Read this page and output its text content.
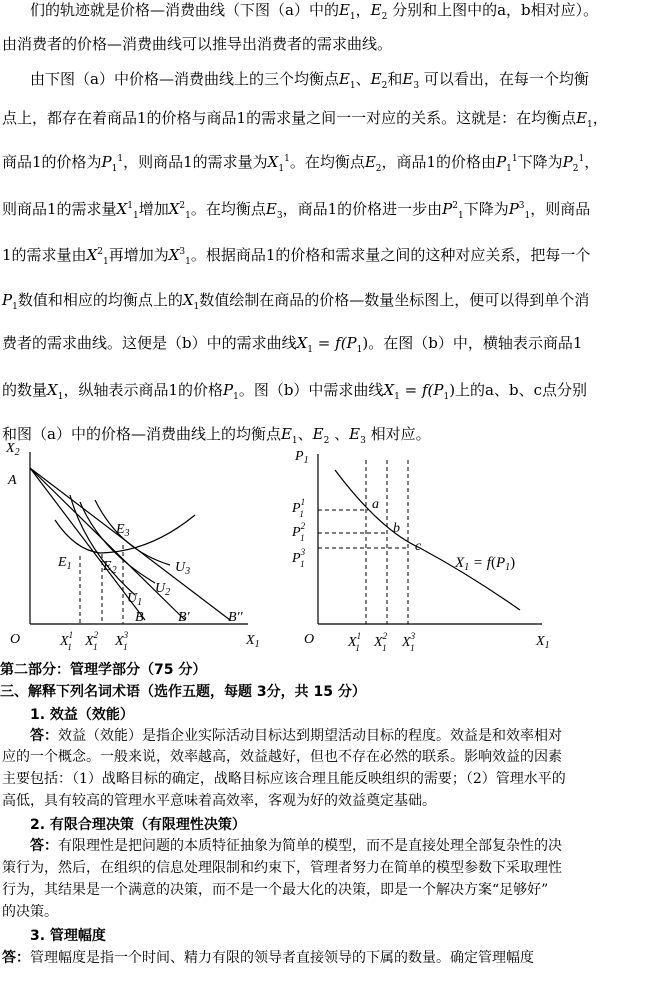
们的轨迹就是价格—消费曲线（下图（a）中的$E_1$，$E_2$ 分别和上图中的a，b相对应）。
由消费者的价格—消费曲线可以推导出消费者的需求曲线。
由下图（a）中价格—消费曲线上的三个均衡点$E_1$、$E_2$和$E_3$ 可以看出，在每一个均衡
点上，都存在着商品1的价格与商品1的需求量之间一一对应的关系。这就是：在均衡点$E_1$，
商品1的价格为$P_1^1$，则商品1的需求量为$X_1^1$。在均衡点$E_2$，商品1的价格由$P_1^1$下降为$P_2^1$，
则商品1的需求量$X^1_1$增加$X^2_1$。在均衡点$E_3$，商品1的价格进一步由$P^2_1$下降为$P^3_1$，则商品
1的需求量由$X^2_1$再增加为$X^3_1$。根据商品1的价格和需求量之间的这种对应关系，把每一个
$P_1$数值和相应的均衡点上的$X_1$数值绘制在商品的价格—数量坐标图上，便可以得到单个消
费者的需求曲线。这便是（b）中的需求曲线$X_1 = f(P_1)$。在图（b）中，横轴表示商品1
的数量$X_1$，纵轴表示商品1的价格$P_1$。图（b）中需求曲线$X_1 = f(P_1)$上的a、b、c点分别
和图（a）中的价格—消费曲线上的均衡点$E_1$、$E_2$ 、$E_3$ 相对应。
$X_2$
A
O	$X_1$
$E_1$ $E_2$
$E_3$
$U_1$
$U_2$
$U_3$
B B'	B''
$X^1$ 1 $X^2$ 1 $X^3$ 1
$P_1$
O	$X_1$
$P^1$ 1
$P^2$ 1
$P^3$ 1
a
b
c
$X_1 = f(P_1)$
$X^1$ 1 $X^2$ 1 $X^3$ 1
第二部分：管理学部分（75 分）
三、解释下列名词术语（选作五题，每题 3分，共 15 分）
1. 效益（效能）
答：效益（效能）是指企业实际活动目标达到期望活动目标的程度。效益是和效率相对
应的一个概念。一般来说，效率越高，效益越好，但也不存在必然的联系。影响效益的因素
主要包括：（1）战略目标的确定，战略目标应该合理且能反映组织的需要；（2）管理水平的
高低，具有较高的管理水平意味着高效率，客观为好的效益奠定基础。
2. 有限合理决策（有限理性决策）
答：有限理性是把问题的本质特征抽象为简单的模型，而不是直接处理全部复杂性的决
策行为，然后，在组织的信息处理限制和约束下，管理者努力在简单的模型参数下采取理性
行为，其结果是一个满意的决策，而不是一个最大化的决策，即是一个解决方案“足够好”
的决策。
3. 管理幅度
答：管理幅度是指一个时间、精力有限的领导者直接领导的下属的数量。确定管理幅度
